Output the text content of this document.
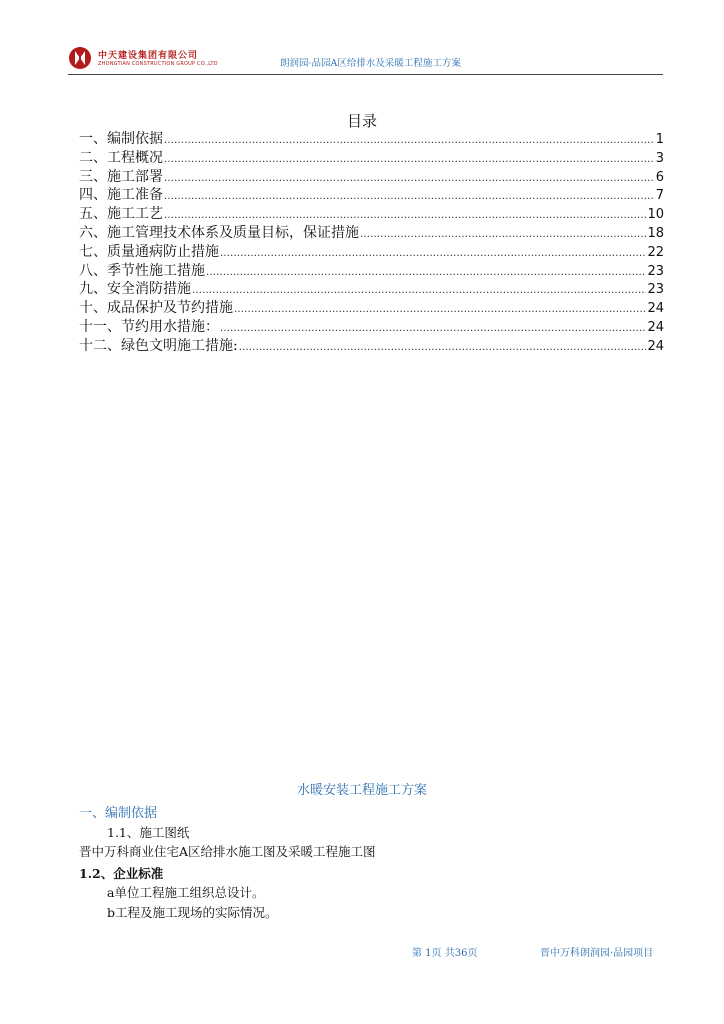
中天建设集团有限公司
ZHONGTIAN CONSTRUCTION GROUP CO.,LTD	朗润园·品园A区给排水及采暖工程施工方案
目录
一、编制依据 .....	1
二、工程概况 .....	3
三、施工部署 .....	6
四、施工准备 .....	7
五、施工工艺 .....	10
六、施工管理技术体系及质量目标，保证措施 .....	18
七、质量通病防止措施 .....	22
八、季节性施工措施 .....	23
九、安全消防措施 .....	23
十、成品保护及节约措施 .....	24
十一、节约用水措施： .....	24
十二、绿色文明施工措施: .....	24
水暖安装工程施工方案
一、编制依据
1.1、施工图纸
晋中万科商业住宅A区给排水施工图及采暖工程施工图
1.2、企业标准
a单位工程施工组织总设计。
b工程及施工现场的实际情况。
第 1页 共36页	晋中万科朗润园·品园项目
